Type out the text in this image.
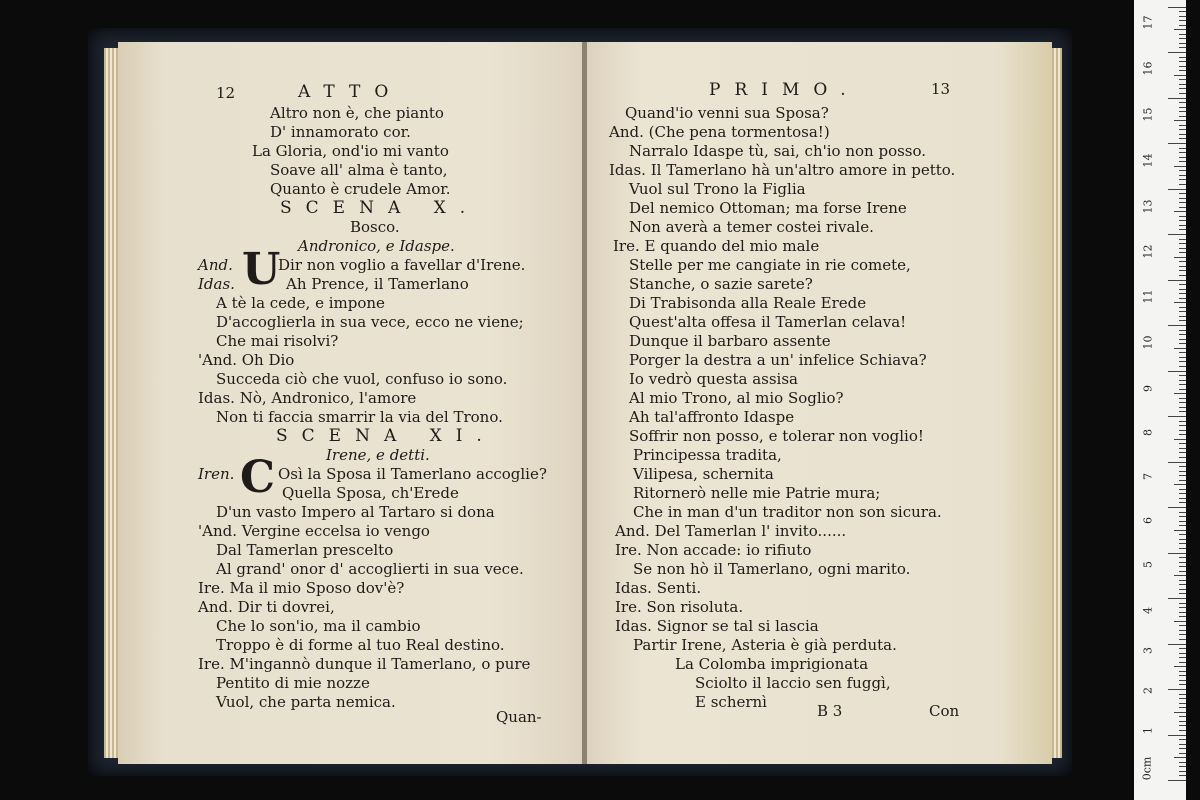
12	ATTO
Altro non è, che pianto
D' innamorato cor.
La Gloria, ond'io mi vanto
Soave all' alma è tanto,
Quanto è crudele Amor.
SCENA X.
Bosco.
Andronico, e Idaspe.
And. U
Dir non voglio a favellar d'Irene.
Idas.	Ah Prence, il Tamerlano
A tè la cede, e impone
D'accoglierla in sua vece, ecco ne viene;
Che mai risolvi?
'And. Oh Dio
Succeda ciò che vuol, confuso io sono.
Idas. Nò, Andronico, l'amore
Non ti faccia smarrir la via del Trono.
SCENA XI.
Irene, e detti.
Iren. C Osì la Sposa il Tamerlano accoglie?
Quella Sposa, ch'Erede
D'un vasto Impero al Tartaro si dona
'And. Vergine eccelsa io vengo
Dal Tamerlan prescelto
Al grand' onor d' accoglierti in sua vece.
Ire. Ma il mio Sposo dov'è?
And. Dir ti dovrei,
Che lo son'io, ma il cambio
Troppo è di forme al tuo Real destino.
Ire. M'ingannò dunque il Tamerlano, o pure
Pentito di mie nozze
Vuol, che parta nemica.
Quan-
PRIMO.	13
Quand'io venni sua Sposa?
And. (Che pena tormentosa!)
Narralo Idaspe tù, sai, ch'io non posso.
Idas. Il Tamerlano hà un'altro amore in petto.
Vuol sul Trono la Figlia
Del nemico Ottoman; ma forse Irene
Non averà a temer costei rivale.
Ire. E quando del mio male
Stelle per me cangiate in rie comete,
Stanche, o sazie sarete?
Di Trabisonda alla Reale Erede
Quest'alta offesa il Tamerlan celava!
Dunque il barbaro assente
Porger la destra a un' infelice Schiava?
Io vedrò questa assisa
Al mio Trono, al mio Soglio?
Ah tal'affronto Idaspe
Soffrir non posso, e tolerar non voglio!
Principessa tradita,
Vilipesa, schernita
Ritornerò nelle mie Patrie mura;
Che in man d'un traditor non son sicura.
And. Del Tamerlan l' invito......
Ire. Non accade: io rifiuto
Se non hò il Tamerlano, ogni marito.
Idas. Senti.
Ire. Son risoluta.
Idas. Signor se tal si lascia
Partir Irene, Asteria è già perduta.
La Colomba imprigionata
Sciolto il laccio sen fuggì,
E schernì	B 3	Con
0cm
1
2
3
4
5
6
7
8
9
10
11
12
13
14
15
16
17
